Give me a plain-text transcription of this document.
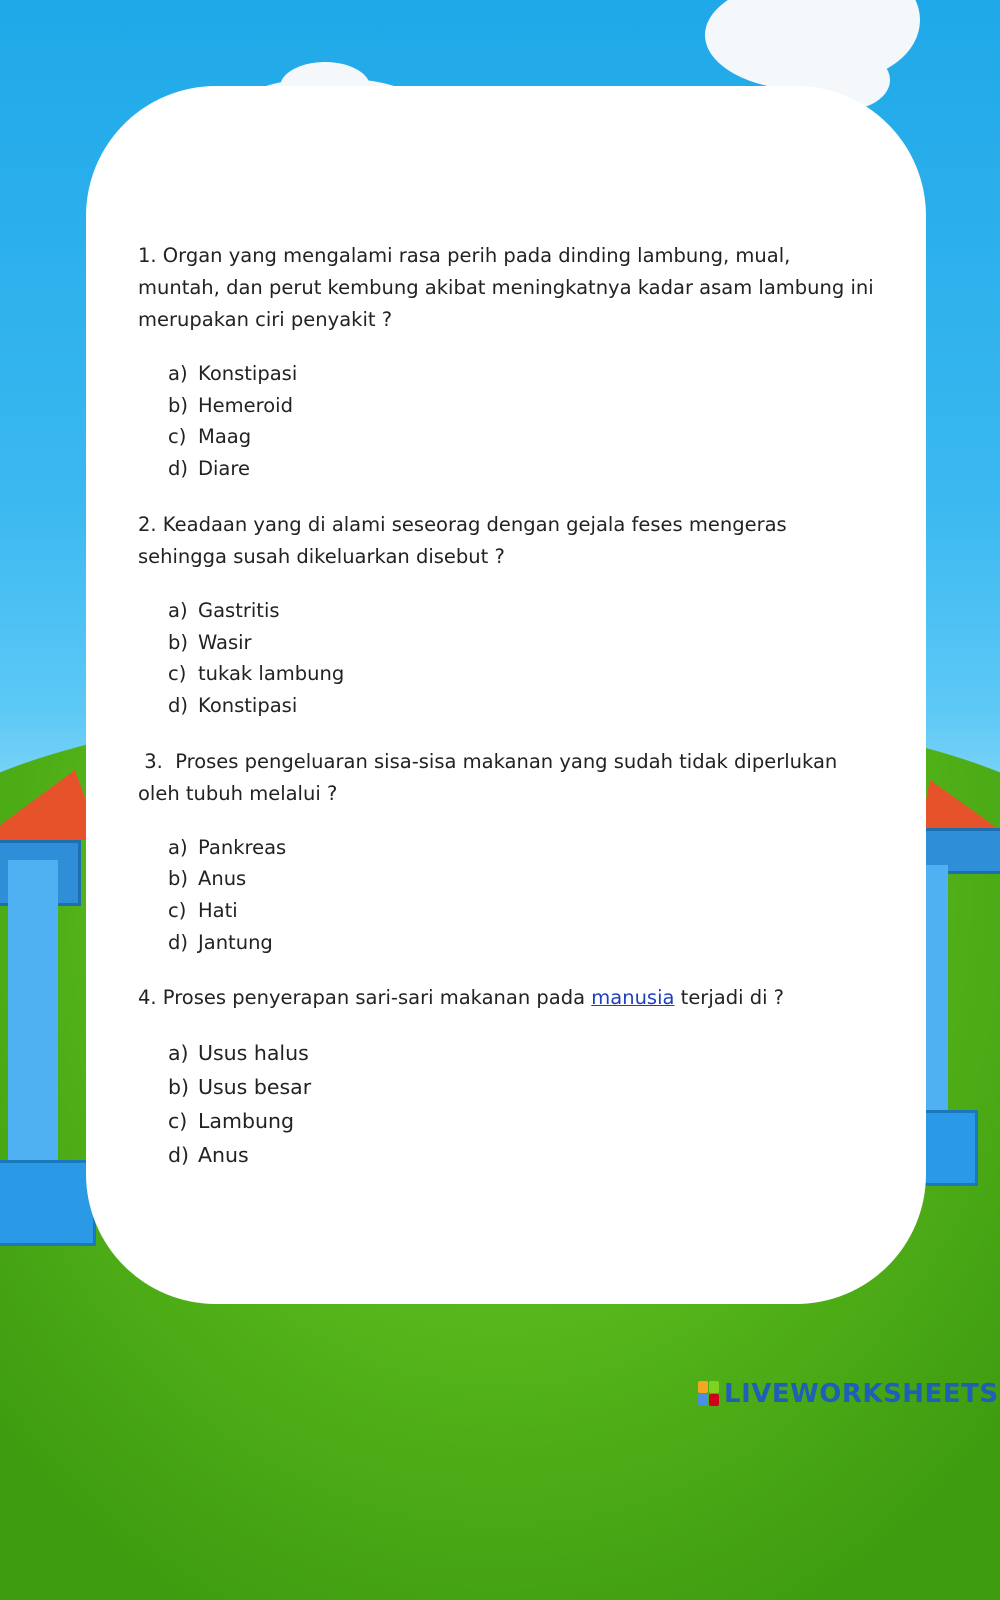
1. Organ yang mengalami rasa perih pada dinding lambung, mual, muntah, dan perut kembung akibat meningkatnya kadar asam lambung ini merupakan ciri penyakit ?

a) Konstipasi
b) Hemeroid
c) Maag
d) Diare

2. Keadaan yang di alami seseorag dengan gejala feses mengeras sehingga susah dikeluarkan disebut ?

a) Gastritis
b) Wasir
c) tukak lambung
d) Konstipasi

3.  Proses pengeluaran sisa-sisa makanan yang sudah tidak diperlukan oleh tubuh melalui ?

a) Pankreas
b) Anus
c) Hati
d) Jantung

4. Proses penyerapan sari-sari makanan pada manusia terjadi di ?

a) Usus halus
b) Usus besar
c) Lambung
d) Anus
LIVEWORKSHEETS
